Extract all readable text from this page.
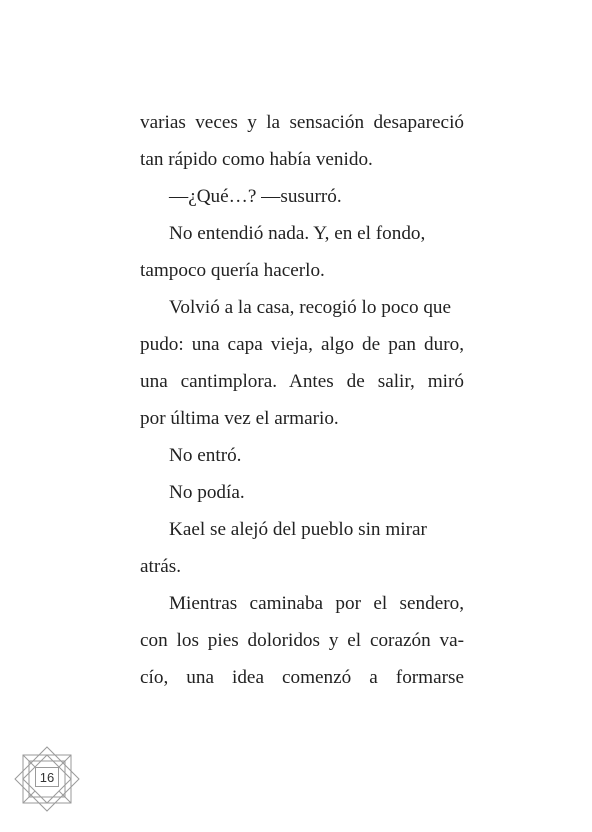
varias veces y la sensación desapareció
tan rápido como había venido.

—¿Qué…? —susurró.

No entendió nada. Y, en el fondo,

tampoco quería hacerlo.

Volvió a la casa, recogió lo poco que

pudo: una capa vieja, algo de pan duro,
una cantimplora. Antes de salir, miró
por última vez el armario.

No entró.

No podía.

Kael se alejó del pueblo sin mirar

atrás.

Mientras caminaba por el sendero,

con los pies doloridos y el corazón va-
cío, una idea comenzó a formarse

16
